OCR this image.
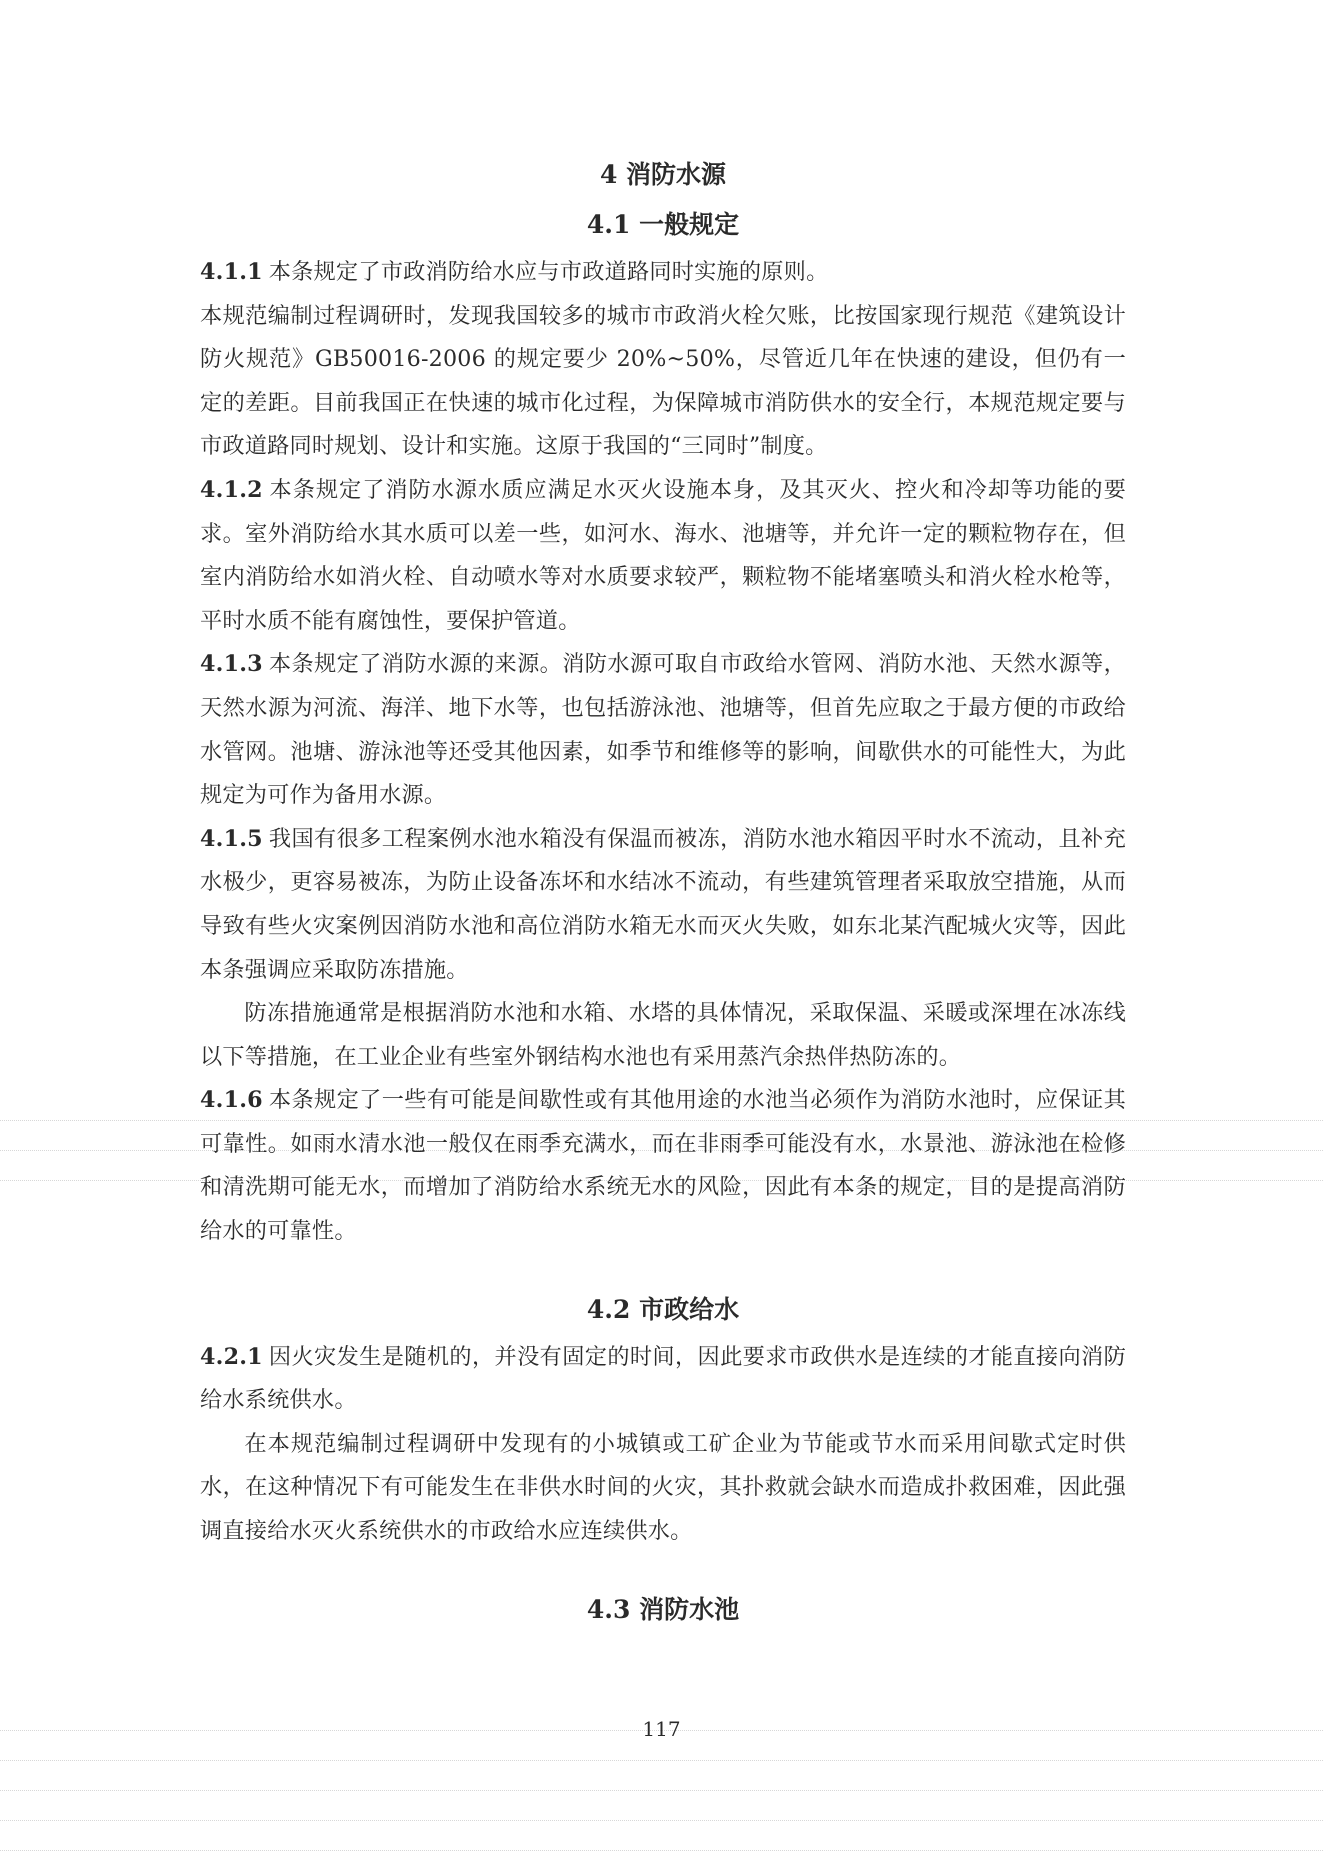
4 消防水源
4.1 一般规定

4.1.1 本条规定了市政消防给水应与市政道路同时实施的原则。

本规范编制过程调研时，发现我国较多的城市市政消火栓欠账，比按国家现行规范《建筑设计防火规范》GB50016-2006 的规定要少 20%~50%，尽管近几年在快速的建设，但仍有一定的差距。目前我国正在快速的城市化过程，为保障城市消防供水的安全行，本规范规定要与市政道路同时规划、设计和实施。这原于我国的“三同时”制度。

4.1.2 本条规定了消防水源水质应满足水灭火设施本身，及其灭火、控火和冷却等功能的要求。室外消防给水其水质可以差一些，如河水、海水、池塘等，并允许一定的颗粒物存在，但室内消防给水如消火栓、自动喷水等对水质要求较严，颗粒物不能堵塞喷头和消火栓水枪等，平时水质不能有腐蚀性，要保护管道。

4.1.3 本条规定了消防水源的来源。消防水源可取自市政给水管网、消防水池、天然水源等，天然水源为河流、海洋、地下水等，也包括游泳池、池塘等，但首先应取之于最方便的市政给水管网。池塘、游泳池等还受其他因素，如季节和维修等的影响，间歇供水的可能性大，为此规定为可作为备用水源。

4.1.5 我国有很多工程案例水池水箱没有保温而被冻，消防水池水箱因平时水不流动，且补充水极少，更容易被冻，为防止设备冻坏和水结冰不流动，有些建筑管理者采取放空措施，从而导致有些火灾案例因消防水池和高位消防水箱无水而灭火失败，如东北某汽配城火灾等，因此本条强调应采取防冻措施。

防冻措施通常是根据消防水池和水箱、水塔的具体情况，采取保温、采暖或深埋在冰冻线以下等措施，在工业企业有些室外钢结构水池也有采用蒸汽余热伴热防冻的。

4.1.6 本条规定了一些有可能是间歇性或有其他用途的水池当必须作为消防水池时，应保证其可靠性。如雨水清水池一般仅在雨季充满水，而在非雨季可能没有水，水景池、游泳池在检修和清洗期可能无水，而增加了消防给水系统无水的风险，因此有本条的规定，目的是提高消防给水的可靠性。

4.2 市政给水

4.2.1 因火灾发生是随机的，并没有固定的时间，因此要求市政供水是连续的才能直接向消防给水系统供水。

在本规范编制过程调研中发现有的小城镇或工矿企业为节能或节水而采用间歇式定时供水，在这种情况下有可能发生在非供水时间的火灾，其扑救就会缺水而造成扑救困难，因此强调直接给水灭火系统供水的市政给水应连续供水。

4.3 消防水池
117
